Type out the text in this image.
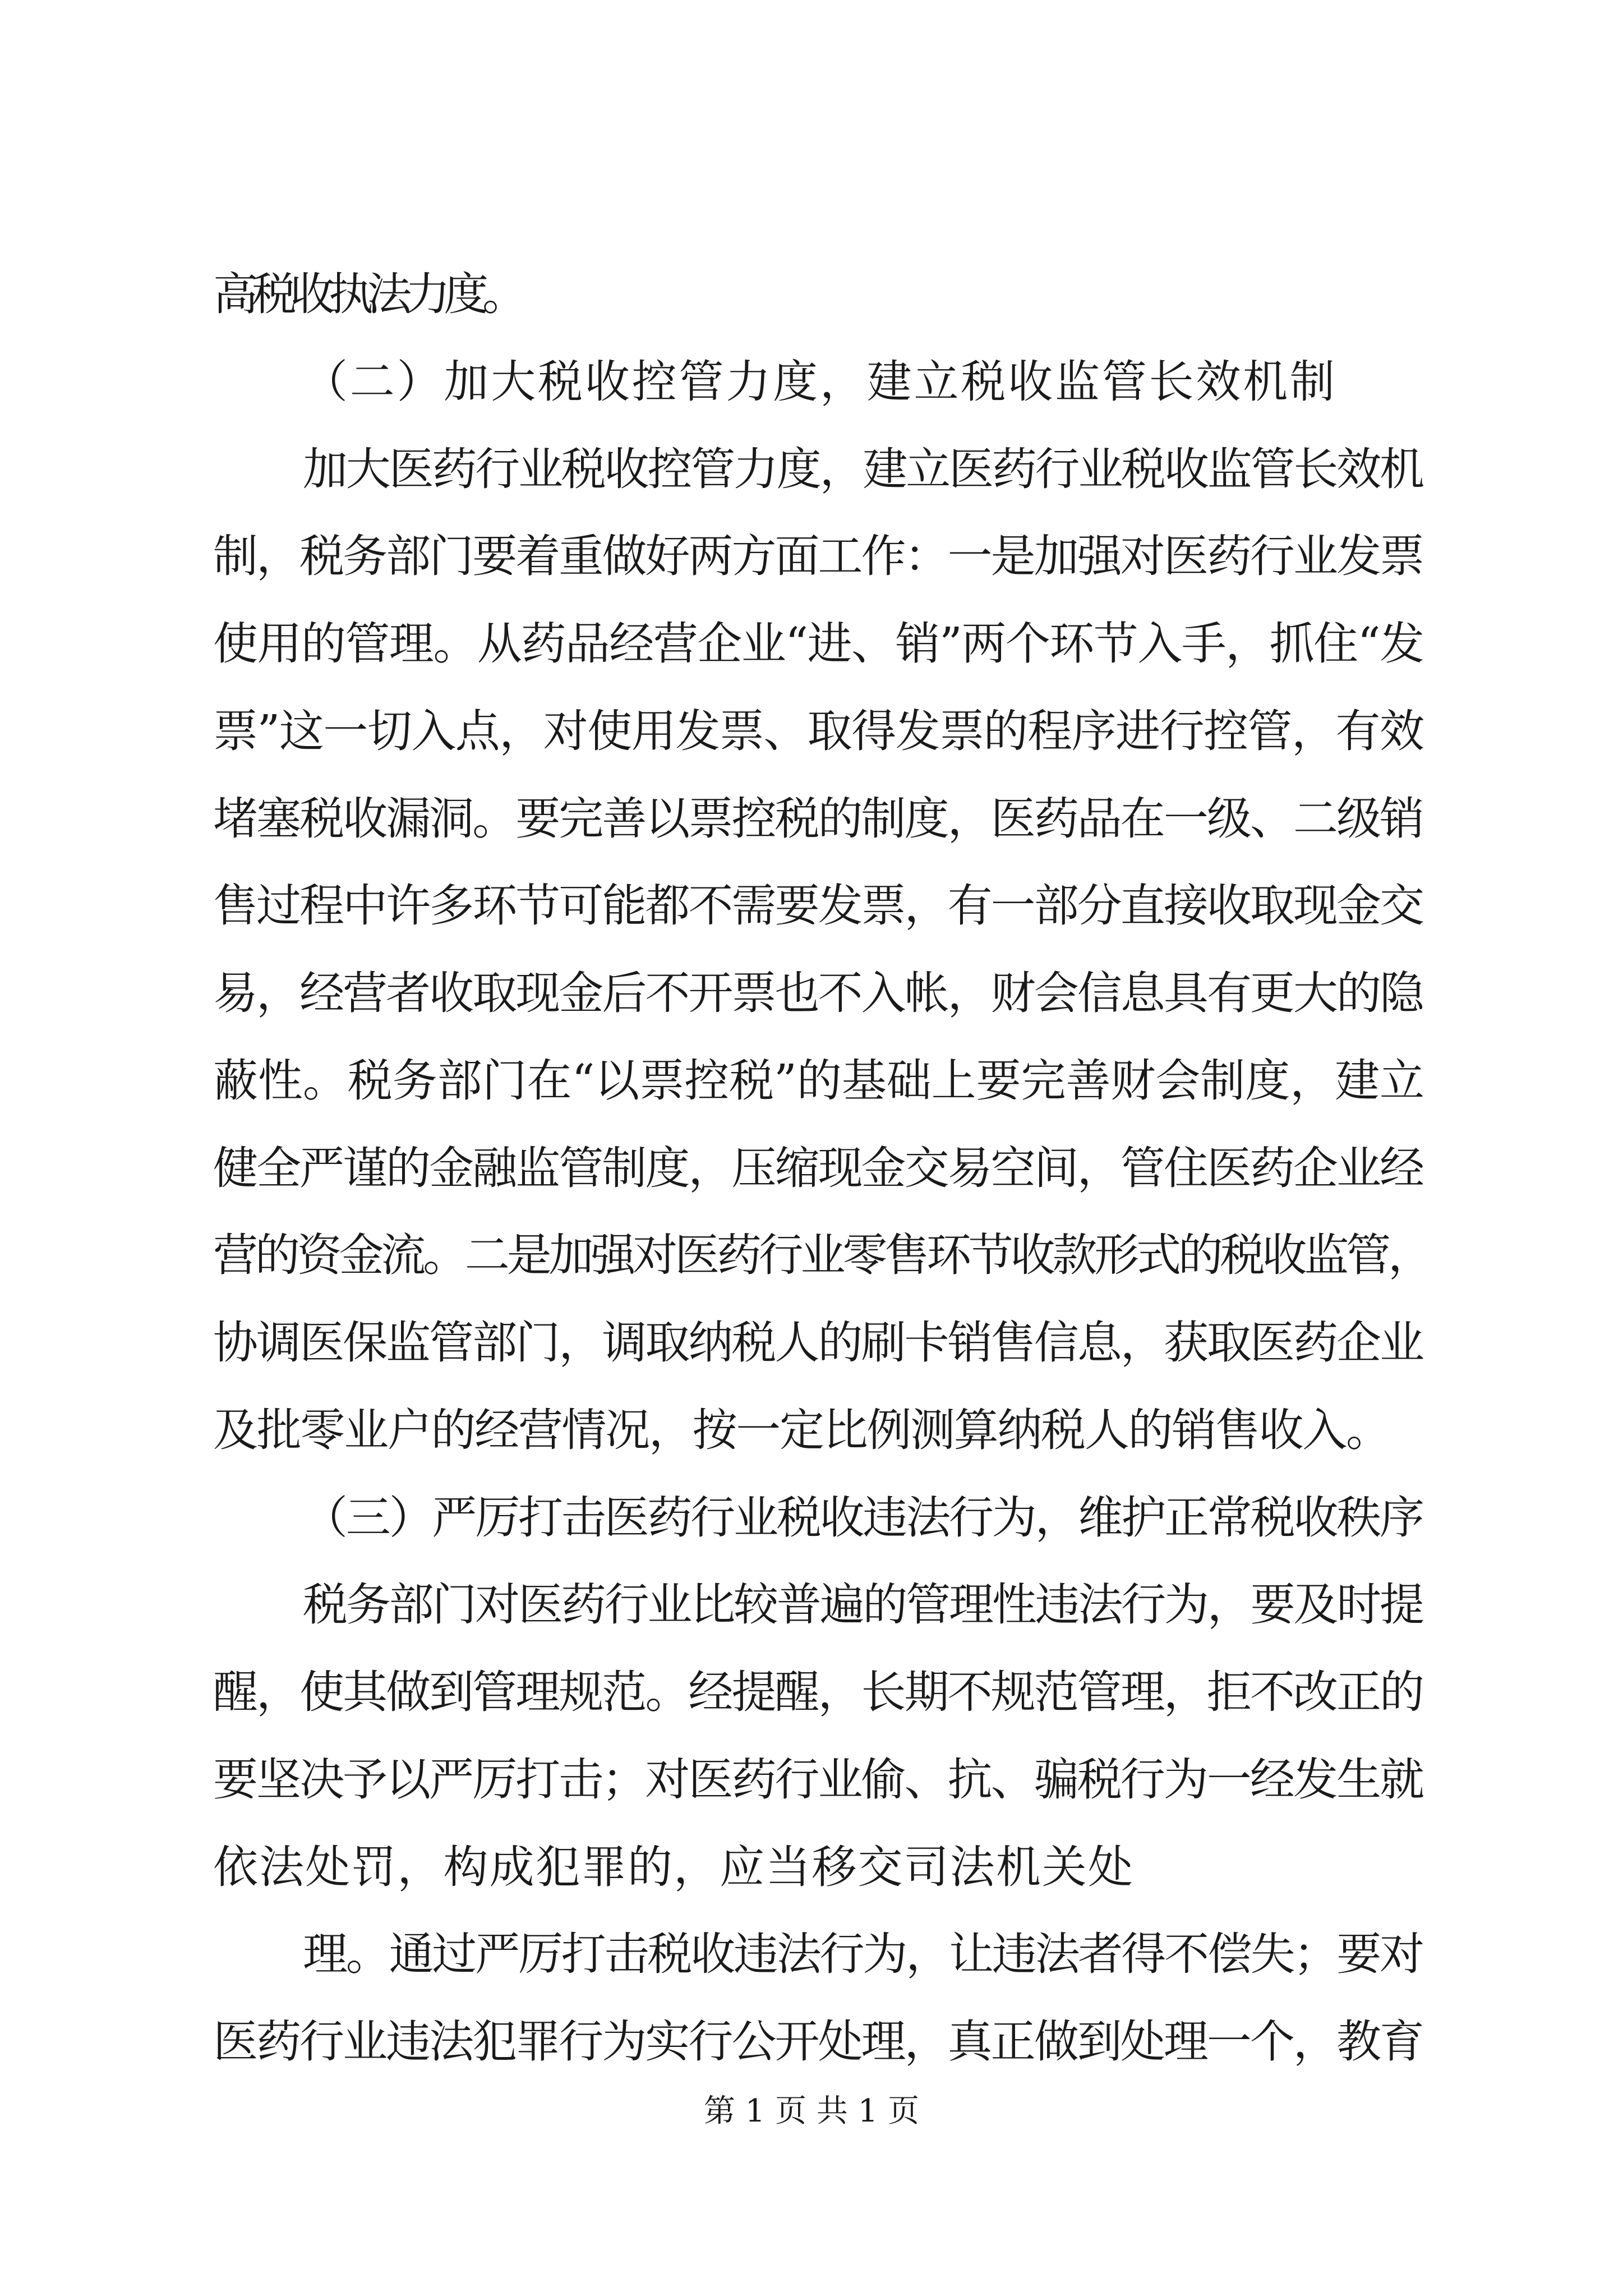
高税收执法力度。
（二）加大税收控管力度，建立税收监管长效机制
加大医药行业税收控管力度，建立医药行业税收监管长效机
制，税务部门要着重做好两方面工作：一是加强对医药行业发票
使用的管理。从药品经营企业“进、销”两个环节入手，抓住“发
票”这一切入点，对使用发票、取得发票的程序进行控管，有效
堵塞税收漏洞。要完善以票控税的制度，医药品在一级、二级销
售过程中许多环节可能都不需要发票，有一部分直接收取现金交
易，经营者收取现金后不开票也不入帐，财会信息具有更大的隐
蔽性。税务部门在“以票控税”的基础上要完善财会制度，建立
健全严谨的金融监管制度，压缩现金交易空间，管住医药企业经
营的资金流。二是加强对医药行业零售环节收款形式的税收监管，
协调医保监管部门，调取纳税人的刷卡销售信息，获取医药企业
及批零业户的经营情况，按一定比例测算纳税人的销售收入。
（三）严厉打击医药行业税收违法行为，维护正常税收秩序
税务部门对医药行业比较普遍的管理性违法行为，要及时提
醒，使其做到管理规范。经提醒，长期不规范管理，拒不改正的
要坚决予以严厉打击；对医药行业偷、抗、骗税行为一经发生就
依法处罚，构成犯罪的，应当移交司法机关处
理。通过严厉打击税收违法行为，让违法者得不偿失；要对
医药行业违法犯罪行为实行公开处理，真正做到处理一个，教育
第 1 页 共 1 页
